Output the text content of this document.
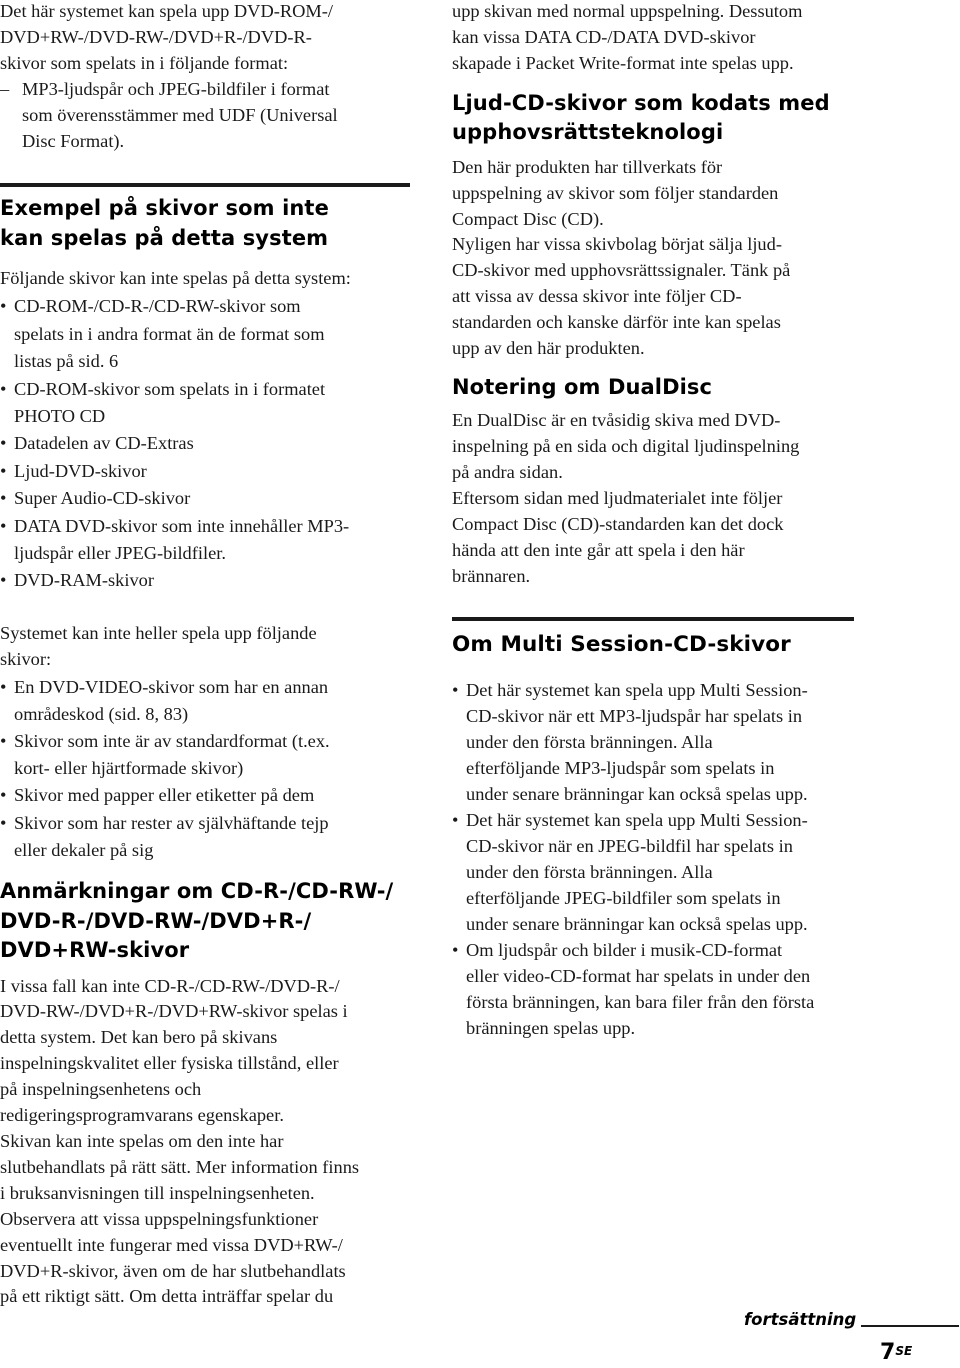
Det här systemet kan spela upp DVD-ROM-/
DVD+RW-/DVD-RW-/DVD+R-/DVD-R-
skivor som spelats in i följande format:
– MP3-ljudspår och JPEG-bildfiler i format
som överensstämmer med UDF (Universal
Disc Format).
Exempel på skivor som inte
kan spelas på detta system
Följande skivor kan inte spelas på detta system:
• CD-ROM-/CD-R-/CD-RW-skivor som
spelats in i andra format än de format som
listas på sid. 6
• CD-ROM-skivor som spelats in i formatet
PHOTO CD
• Datadelen av CD-Extras
• Ljud-DVD-skivor
• Super Audio-CD-skivor
• DATA DVD-skivor som inte innehåller MP3-
ljudspår eller JPEG-bildfiler.
• DVD-RAM-skivor
Systemet kan inte heller spela upp följande
skivor:
• En DVD-VIDEO-skivor som har en annan
områdeskod (sid. 8, 83)
• Skivor som inte är av standardformat (t.ex.
kort- eller hjärtformade skivor)
• Skivor med papper eller etiketter på dem
• Skivor som har rester av självhäftande tejp
eller dekaler på sig
Anmärkningar om CD-R-/CD-RW-/
DVD-R-/DVD-RW-/DVD+R-/
DVD+RW-skivor
I vissa fall kan inte CD-R-/CD-RW-/DVD-R-/
DVD-RW-/DVD+R-/DVD+RW-skivor spelas i
detta system. Det kan bero på skivans
inspelningskvalitet eller fysiska tillstånd, eller
på inspelningsenhetens och
redigeringsprogramvarans egenskaper.
Skivan kan inte spelas om den inte har
slutbehandlats på rätt sätt. Mer information finns
i bruksanvisningen till inspelningsenheten.
Observera att vissa uppspelningsfunktioner
eventuellt inte fungerar med vissa DVD+RW-/
DVD+R-skivor, även om de har slutbehandlats
på ett riktigt sätt. Om detta inträffar spelar du
upp skivan med normal uppspelning. Dessutom
kan vissa DATA CD-/DATA DVD-skivor
skapade i Packet Write-format inte spelas upp.
Ljud-CD-skivor som kodats med
upphovsrättsteknologi
Den här produkten har tillverkats för
uppspelning av skivor som följer standarden
Compact Disc (CD).
Nyligen har vissa skivbolag börjat sälja ljud-
CD-skivor med upphovsrättssignaler. Tänk på
att vissa av dessa skivor inte följer CD-
standarden och kanske därför inte kan spelas
upp av den här produkten.
Notering om DualDisc
En DualDisc är en tvåsidig skiva med DVD-
inspelning på en sida och digital ljudinspelning
på andra sidan.
Eftersom sidan med ljudmaterialet inte följer
Compact Disc (CD)-standarden kan det dock
hända att den inte går att spela i den här
brännaren.
Om Multi Session-CD-skivor
• Det här systemet kan spela upp Multi Session-
CD-skivor när ett MP3-ljudspår har spelats in
under den första bränningen. Alla
efterföljande MP3-ljudspår som spelats in
under senare bränningar kan också spelas upp.
• Det här systemet kan spela upp Multi Session-
CD-skivor när en JPEG-bildfil har spelats in
under den första bränningen. Alla
efterföljande JPEG-bildfiler som spelats in
under senare bränningar kan också spelas upp.
• Om ljudspår och bilder i musik-CD-format
eller video-CD-format har spelats in under den
första bränningen, kan bara filer från den första
bränningen spelas upp.
fortsättning
$7^{SE}$
